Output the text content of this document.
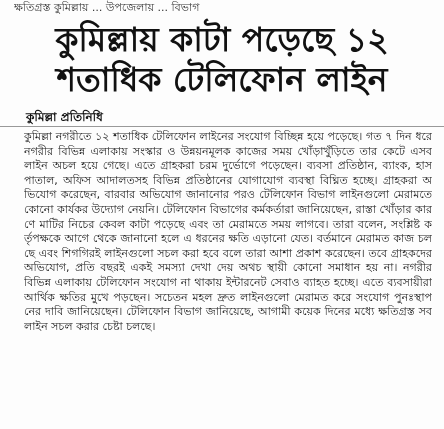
ক্ষতিগ্রস্ত কুমিল্লায় ... উপজেলায় ... বিভাগ
কুমিল্লায় কাটা পড়েছে ১২
শতাধিক টেলিফোন লাইন
কুমিল্লা প্রতিনিধি

কুমিল্লা নগরীতে ১২ শতাধিক টেলিফোন লাইনের সংযোগ বিচ্ছিন্ন হয়ে পড়েছে। গত ৭ দিন ধরে নগরীর বিভিন্ন এলাকায় সংস্কার ও উন্নয়নমূলক কাজের সময় খোঁড়াখুঁড়িতে তার কেটে এসব লাইন অচল হয়ে গেছে। এতে গ্রাহকরা চরম দুর্ভোগে পড়েছেন। ব্যবসা প্রতিষ্ঠান, ব্যাংক, হাসপাতাল, অফিস আদালতসহ বিভিন্ন প্রতিষ্ঠানের যোগাযোগ ব্যবস্থা বিঘ্নিত হচ্ছে। গ্রাহকরা অভিযোগ করেছেন, বারবার অভিযোগ জানানোর পরও টেলিফোন বিভাগ লাইনগুলো মেরামতে কোনো কার্যকর উদ্যোগ নেয়নি। টেলিফোন বিভাগের কর্মকর্তারা জানিয়েছেন, রাস্তা খোঁড়ার কারণে মাটির নিচের কেবল কাটা পড়েছে এবং তা মেরামতে সময় লাগবে। তারা বলেন, সংশ্লিষ্ট কর্তৃপক্ষকে আগে থেকে জানানো হলে এ ধরনের ক্ষতি এড়ানো যেত। বর্তমানে মেরামত কাজ চলছে এবং শিগগিরই লাইনগুলো সচল করা হবে বলে তারা আশা প্রকাশ করেছেন। তবে গ্রাহকদের অভিযোগ, প্রতি বছরই একই সমস্যা দেখা দেয় অথচ স্থায়ী কোনো সমাধান হয় না। নগরীর বিভিন্ন এলাকায় টেলিফোন সংযোগ না থাকায় ইন্টারনেট সেবাও ব্যাহত হচ্ছে। এতে ব্যবসায়ীরা আর্থিক ক্ষতির মুখে পড়ছেন। সচেতন মহল দ্রুত লাইনগুলো মেরামত করে সংযোগ পুনঃস্থাপনের দাবি জানিয়েছেন। টেলিফোন বিভাগ জানিয়েছে, আগামী কয়েক দিনের মধ্যে ক্ষতিগ্রস্ত সব লাইন সচল করার চেষ্টা চলছে।
